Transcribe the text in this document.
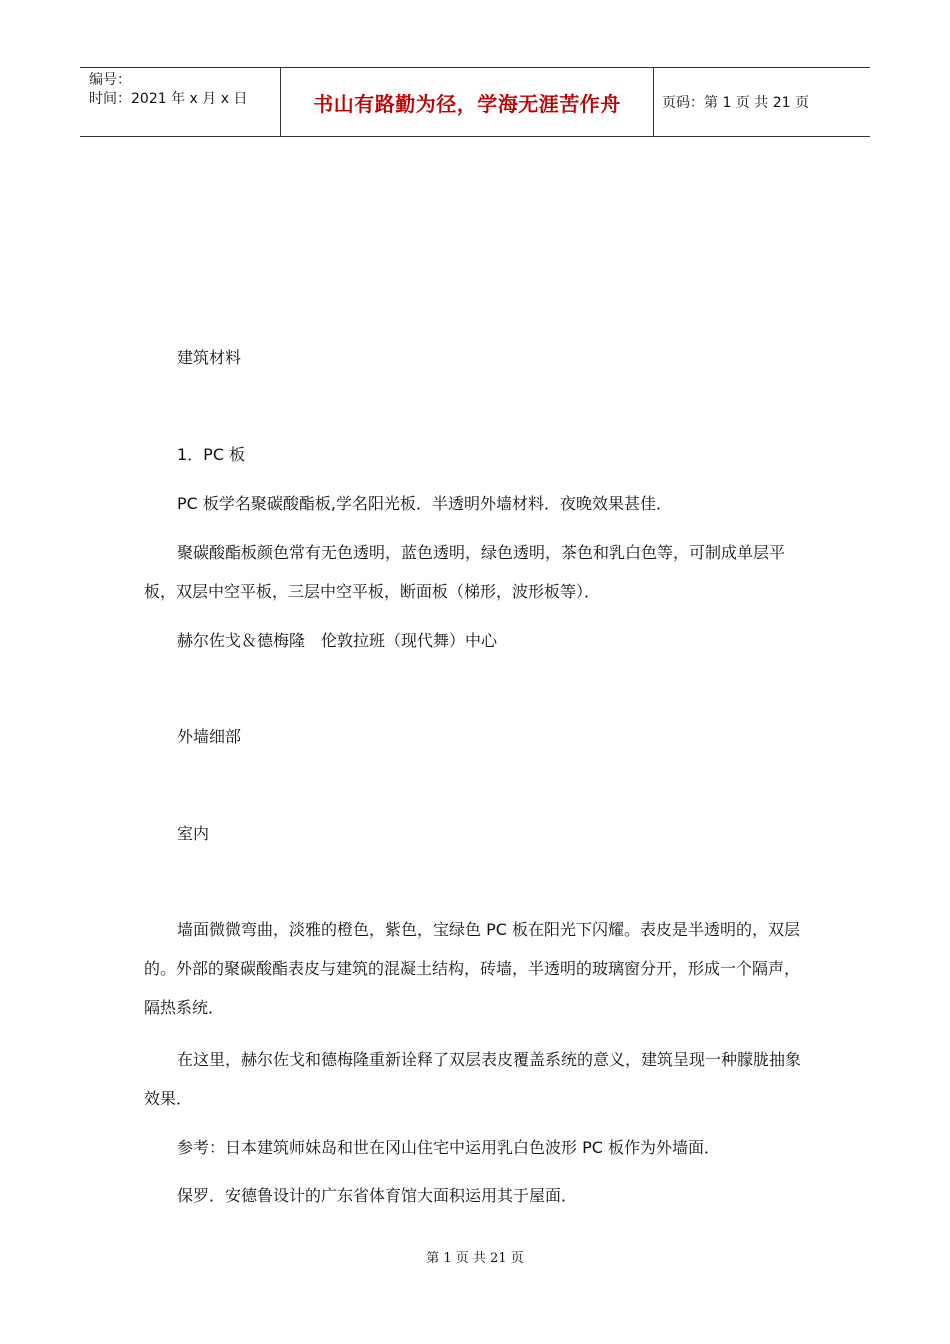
编号：
时间：2021 年 x 月 x 日	书山有路勤为径，学海无涯苦作舟	页码：第 1 页 共 21 页
建筑材料
1．PC 板
PC 板学名聚碳酸酯板,学名阳光板．半透明外墙材料．夜晚效果甚佳．
聚碳酸酯板颜色常有无色透明，蓝色透明，绿色透明，茶色和乳白色等，可制成单层平板，双层中空平板，三层中空平板，断面板（梯形，波形板等）．
赫尔佐戈＆德梅隆　伦敦拉班（现代舞）中心
外墙细部
室内
墙面微微弯曲，淡雅的橙色，紫色，宝绿色 PC 板在阳光下闪耀。表皮是半透明的，双层的。外部的聚碳酸酯表皮与建筑的混凝土结构，砖墙，半透明的玻璃窗分开，形成一个隔声，隔热系统．
在这里，赫尔佐戈和德梅隆重新诠释了双层表皮覆盖系统的意义，建筑呈现一种朦胧抽象效果．
参考：日本建筑师妹岛和世在冈山住宅中运用乳白色波形 PC 板作为外墙面．
保罗．安德鲁设计的广东省体育馆大面积运用其于屋面．
第 1 页 共 21 页
